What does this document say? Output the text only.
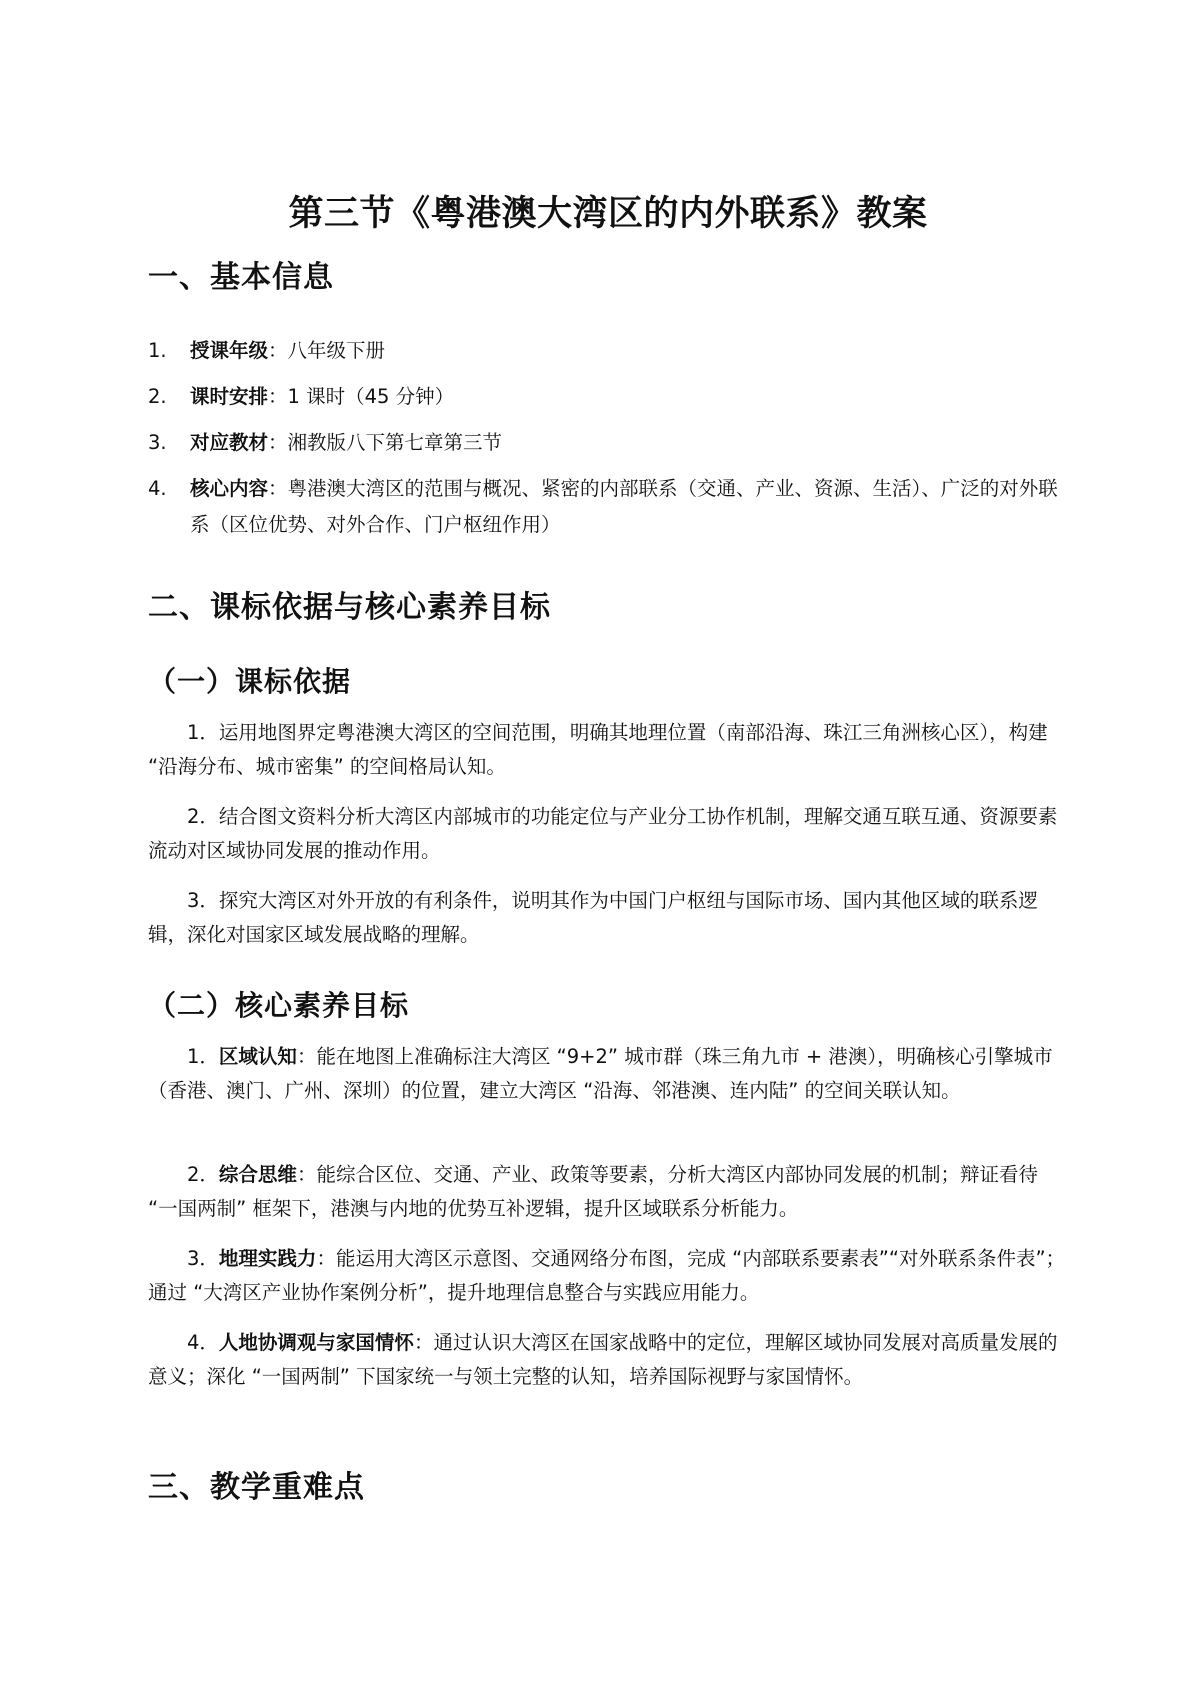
第三节《粤港澳大湾区的内外联系》教案
一、基本信息
1. 授课年级：八年级下册
2. 课时安排：1 课时（45 分钟）
3. 对应教材：湘教版八下第七章第三节
4. 核心内容：粤港澳大湾区的范围与概况、紧密的内部联系（交通、产业、资源、生活）、广泛的对外联系（区位优势、对外合作、门户枢纽作用）
二、课标依据与核心素养目标
（一）课标依据

1．运用地图界定粤港澳大湾区的空间范围，明确其地理位置（南部沿海、珠江三角洲核心区），构建 “沿海分布、城市密集” 的空间格局认知。

2．结合图文资料分析大湾区内部城市的功能定位与产业分工协作机制，理解交通互联互通、资源要素流动对区域协同发展的推动作用。

3．探究大湾区对外开放的有利条件，说明其作为中国门户枢纽与国际市场、国内其他区域的联系逻辑，深化对国家区域发展战略的理解。

（二）核心素养目标

1．区域认知：能在地图上准确标注大湾区 “9+2” 城市群（珠三角九市 + 港澳），明确核心引擎城市（香港、澳门、广州、深圳）的位置，建立大湾区 “沿海、邻港澳、连内陆” 的空间关联认知。

2．综合思维：能综合区位、交通、产业、政策等要素，分析大湾区内部协同发展的机制；辩证看待 “一国两制” 框架下，港澳与内地的优势互补逻辑，提升区域联系分析能力。

3．地理实践力：能运用大湾区示意图、交通网络分布图，完成 “内部联系要素表”“对外联系条件表”；通过 “大湾区产业协作案例分析”，提升地理信息整合与实践应用能力。

4．人地协调观与家国情怀：通过认识大湾区在国家战略中的定位，理解区域协同发展对高质量发展的意义；深化 “一国两制” 下国家统一与领土完整的认知，培养国际视野与家国情怀。

三、教学重难点
